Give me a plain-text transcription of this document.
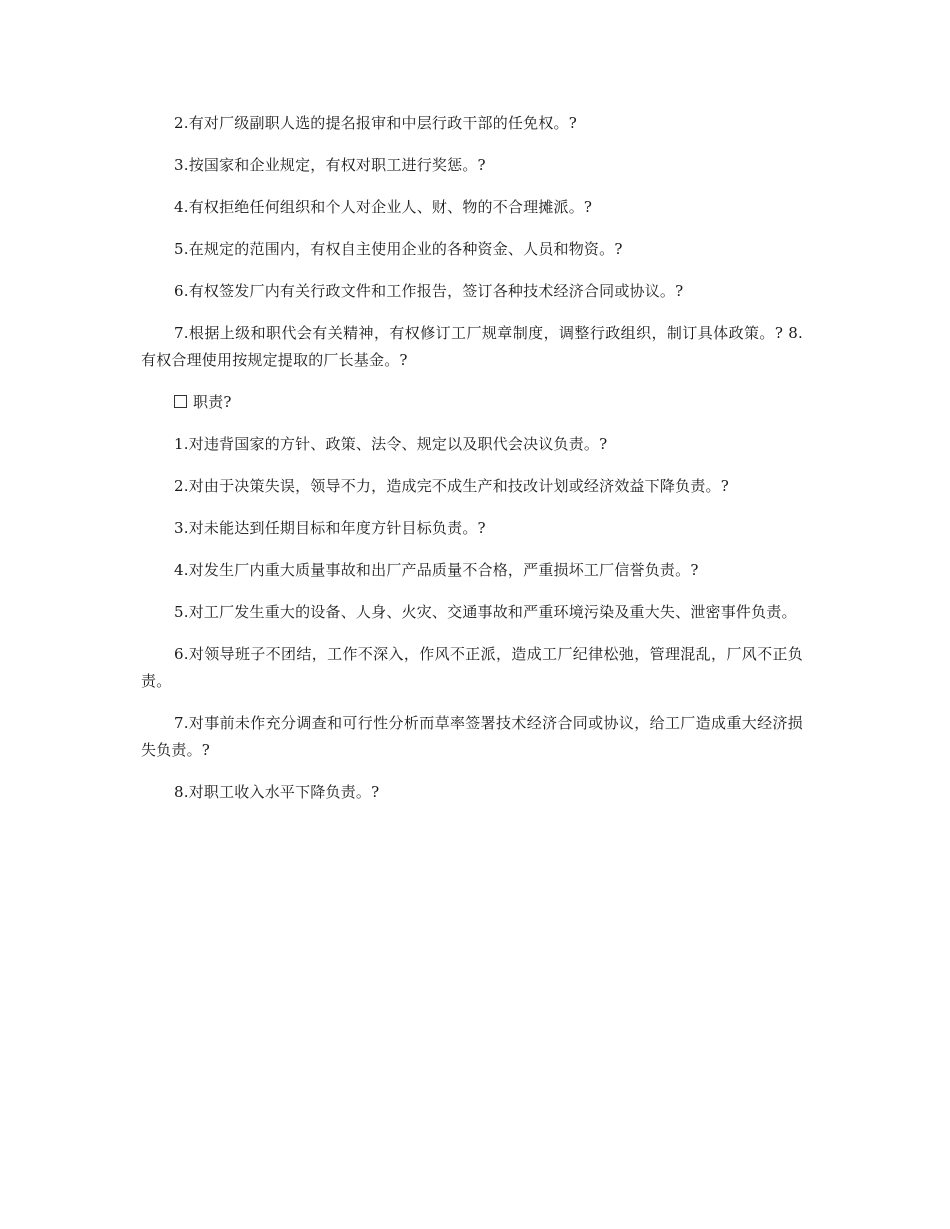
2.有对厂级副职人选的提名报审和中层行政干部的任免权。?

3.按国家和企业规定，有权对职工进行奖惩。?

4.有权拒绝任何组织和个人对企业人、财、物的不合理摊派。?

5.在规定的范围内，有权自主使用企业的各种资金、人员和物资。?

6.有权签发厂内有关行政文件和工作报告，签订各种技术经济合同或协议。?

7.根据上级和职代会有关精神，有权修订工厂规章制度，调整行政组织，制订具体政策。? 8.有权合理使用按规定提取的厂长基金。?

职责?

1.对违背国家的方针、政策、法令、规定以及职代会决议负责。?

2.对由于决策失误，领导不力，造成完不成生产和技改计划或经济效益下降负责。?

3.对未能达到任期目标和年度方针目标负责。?

4.对发生厂内重大质量事故和出厂产品质量不合格，严重损坏工厂信誉负责。?

5.对工厂发生重大的设备、人身、火灾、交通事故和严重环境污染及重大失、泄密事件负责。

6.对领导班子不团结，工作不深入，作风不正派，造成工厂纪律松弛，管理混乱，厂风不正负责。

7.对事前未作充分调查和可行性分析而草率签署技术经济合同或协议，给工厂造成重大经济损失负责。?

8.对职工收入水平下降负责。?
